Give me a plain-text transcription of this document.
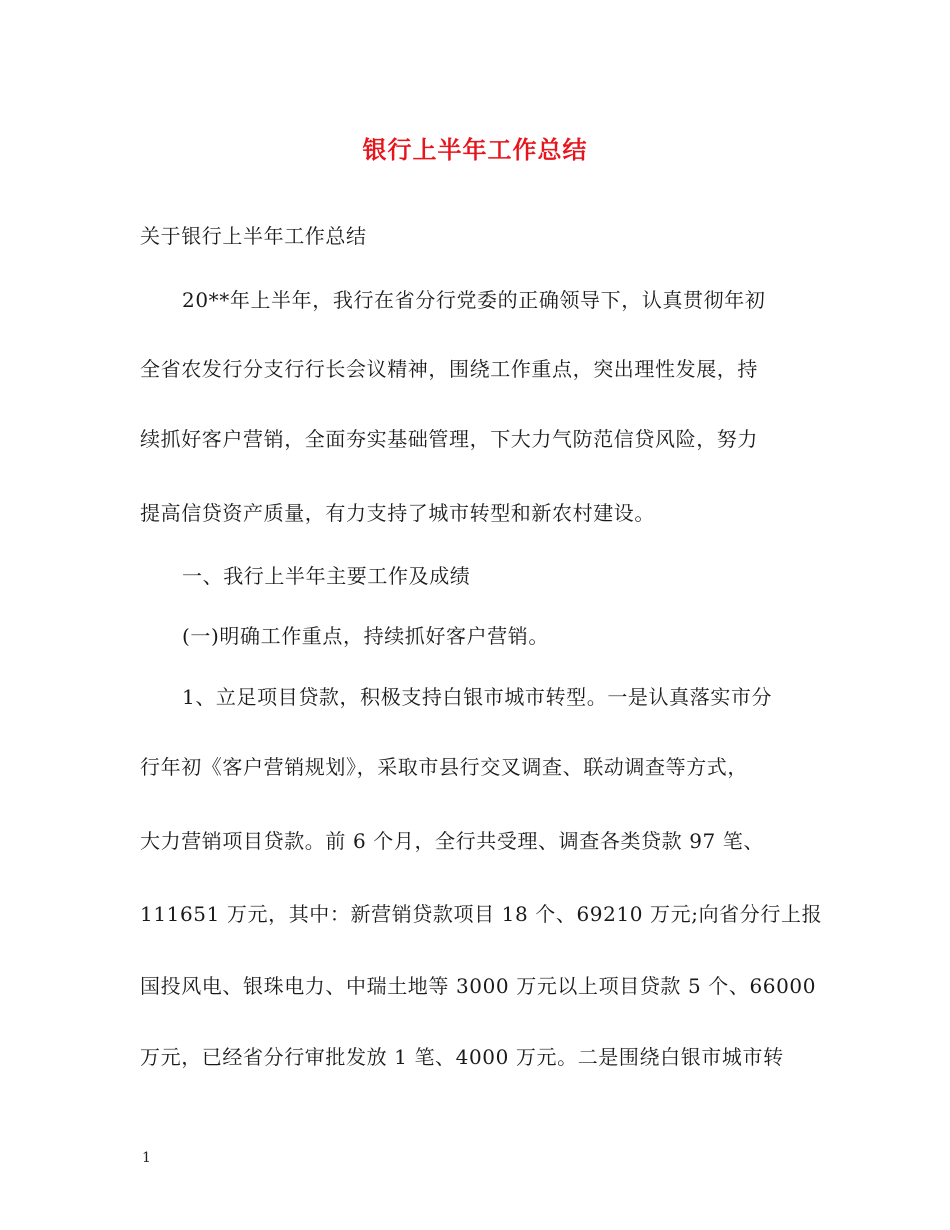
银行上半年工作总结
关于银行上半年工作总结
20**年上半年，我行在省分行党委的正确领导下，认真贯彻年初
全省农发行分支行行长会议精神，围绕工作重点，突出理性发展，持
续抓好客户营销，全面夯实基础管理，下大力气防范信贷风险，努力
提高信贷资产质量，有力支持了城市转型和新农村建设。
一、我行上半年主要工作及成绩
(一)明确工作重点，持续抓好客户营销。
1、立足项目贷款，积极支持白银市城市转型。一是认真落实市分
行年初《客户营销规划》，采取市县行交叉调查、联动调查等方式，
大力营销项目贷款。前 6 个月，全行共受理、调查各类贷款 97 笔、
111651 万元，其中：新营销贷款项目 18 个、69210 万元;向省分行上报
国投风电、银珠电力、中瑞土地等 3000 万元以上项目贷款 5 个、66000
万元，已经省分行审批发放 1 笔、4000 万元。二是围绕白银市城市转
1
